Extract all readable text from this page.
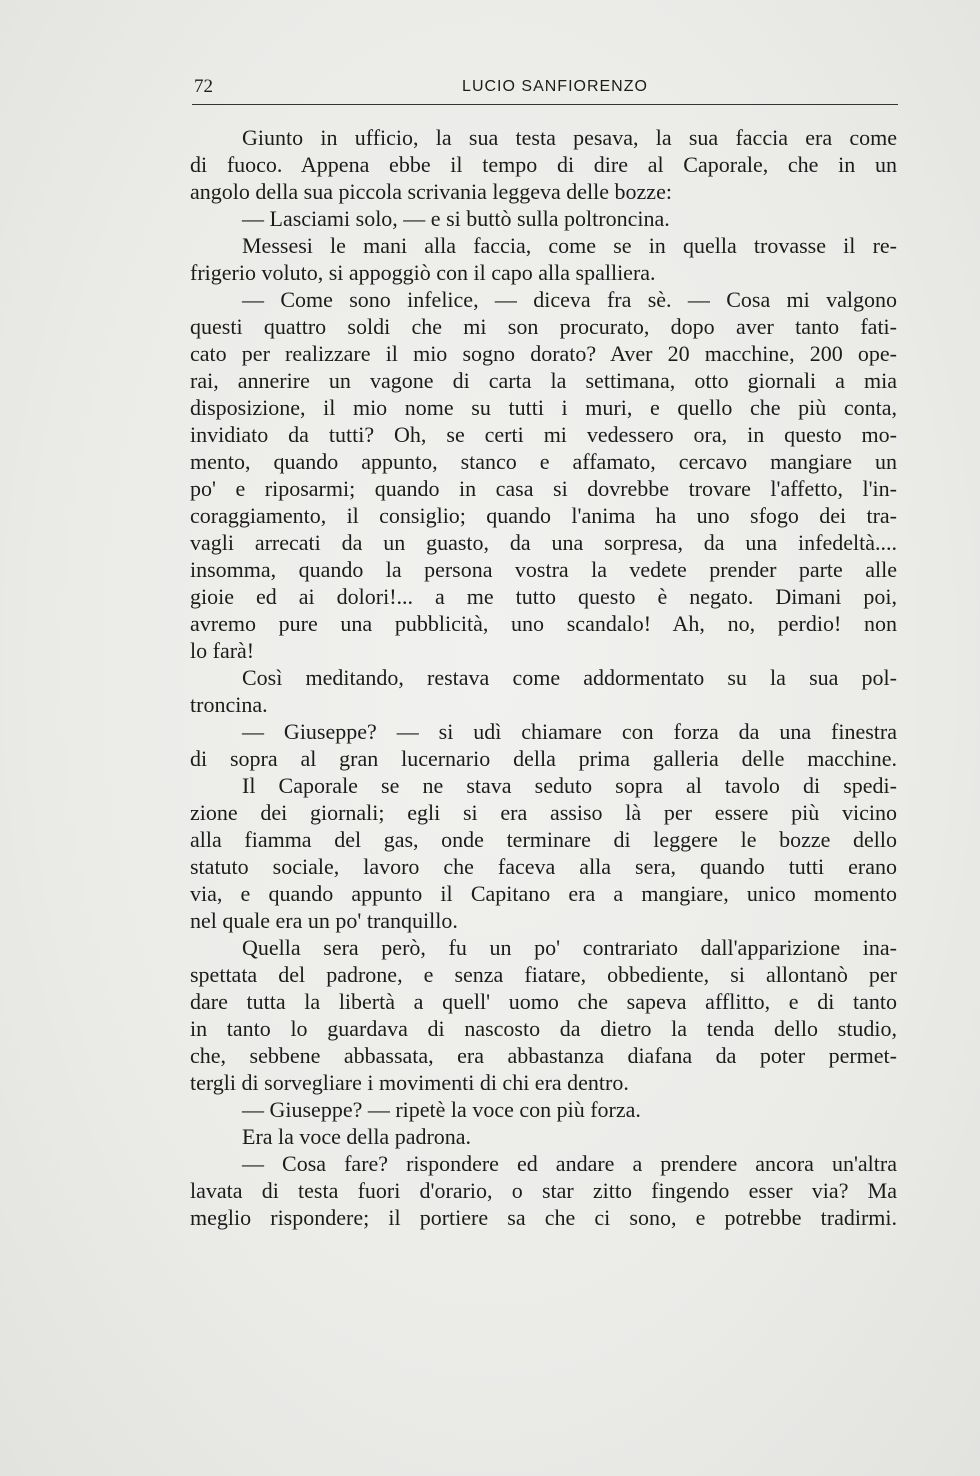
72	LUCIO SANFIORENZO
Giunto in ufficio, la sua testa pesava, la sua faccia era come
di fuoco. Appena ebbe il tempo di dire al Caporale, che in un
angolo della sua piccola scrivania leggeva delle bozze:
— Lasciami solo, — e si buttò sulla poltroncina.
Messesi le mani alla faccia, come se in quella trovasse il re-
frigerio voluto, si appoggiò con il capo alla spalliera.
— Come sono infelice, — diceva fra sè. — Cosa mi valgono
questi quattro soldi che mi son procurato, dopo aver tanto fati-
cato per realizzare il mio sogno dorato? Aver 20 macchine, 200 ope-
rai, annerire un vagone di carta la settimana, otto giornali a mia
disposizione, il mio nome su tutti i muri, e quello che più conta,
invidiato da tutti? Oh, se certi mi vedessero ora, in questo mo-
mento, quando appunto, stanco e affamato, cercavo mangiare un
po' e riposarmi; quando in casa si dovrebbe trovare l'affetto, l'in-
coraggiamento, il consiglio; quando l'anima ha uno sfogo dei tra-
vagli arrecati da un guasto, da una sorpresa, da una infedeltà....
insomma, quando la persona vostra la vedete prender parte alle
gioie ed ai dolori!... a me tutto questo è negato. Dimani poi,
avremo pure una pubblicità, uno scandalo! Ah, no, perdio! non
lo farà!
Così meditando, restava come addormentato su la sua pol-
troncina.
— Giuseppe? — si udì chiamare con forza da una finestra
di sopra al gran lucernario della prima galleria delle macchine.
Il Caporale se ne stava seduto sopra al tavolo di spedi-
zione dei giornali; egli si era assiso là per essere più vicino
alla fiamma del gas, onde terminare di leggere le bozze dello
statuto sociale, lavoro che faceva alla sera, quando tutti erano
via, e quando appunto il Capitano era a mangiare, unico momento
nel quale era un po' tranquillo.
Quella sera però, fu un po' contrariato dall'apparizione ina-
spettata del padrone, e senza fiatare, obbediente, si allontanò per
dare tutta la libertà a quell' uomo che sapeva afflitto, e di tanto
in tanto lo guardava di nascosto da dietro la tenda dello studio,
che, sebbene abbassata, era abbastanza diafana da poter permet-
tergli di sorvegliare i movimenti di chi era dentro.
— Giuseppe? — ripetè la voce con più forza.
Era la voce della padrona.
— Cosa fare? rispondere ed andare a prendere ancora un'altra
lavata di testa fuori d'orario, o star zitto fingendo esser via? Ma
meglio rispondere; il portiere sa che ci sono, e potrebbe tradirmi.
